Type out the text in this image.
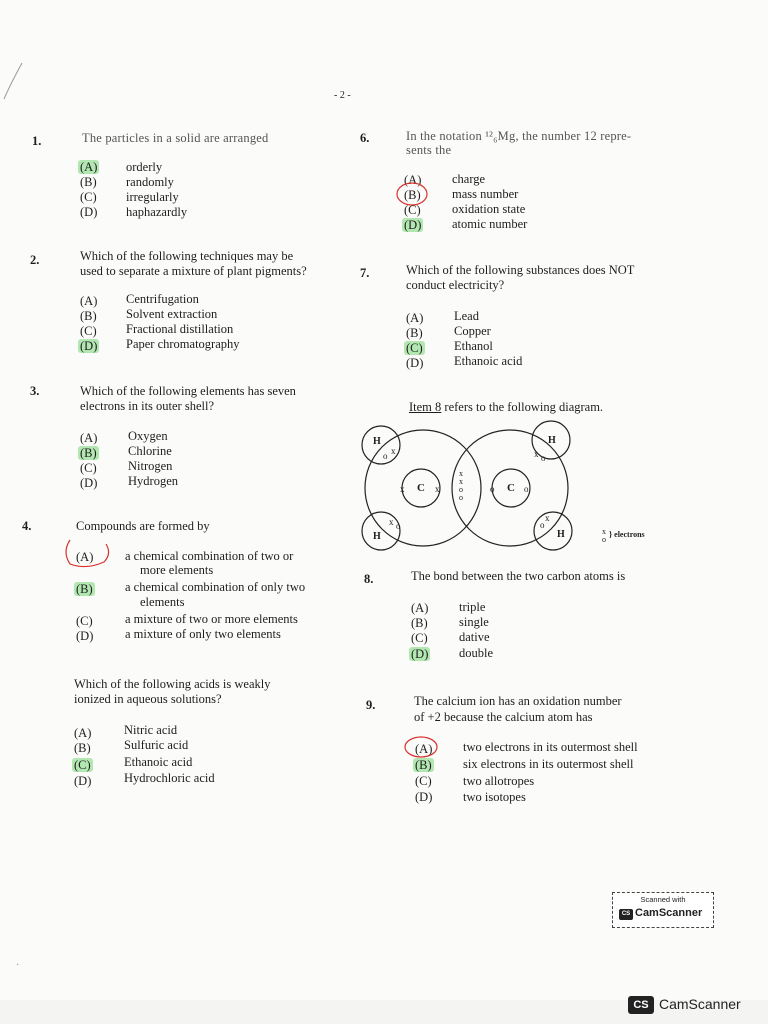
- 2 -
1.	The particles in a solid are arranged
(A) orderly
(B) randomly
(C) irregularly
(D) haphazardly
2.	Which of the following techniques may be
used to separate a mixture of plant pigments?
(A) Centrifugation
(B) Solvent extraction
(C) Fractional distillation
(D) Paper chromatography
3.	Which of the following elements has seven
electrons in its outer shell?
(A) Oxygen
(B)	Chlorine
(C)	Nitrogen
(D) Hydrogen
4.	Compounds are formed by
(A)	a chemical combination of two or
more elements
(B)	a chemical combination of only two
elements
(C)	a mixture of two or more elements
(D)	a mixture of only two elements
Which of the following acids is weakly
ionized in aqueous solutions?
(A)	Nitric acid
(B)	Sulfuric acid
(C)	Ethanoic acid
(D)	Hydrochloric acid
6.	In the notation ¹²₆Mg, the number 12 repre-
sents the
(A) charge
(B)	mass number
(C)	oxidation state
(D) atomic number
7.	Which of the following substances does NOT
conduct electricity?
(A) Lead
(B)	Copper
(C)	Ethanol
(D) Ethanoic acid
Item 8 refers to the following diagram.
C	C
H	H
H	H
o x	x o
x o	o
x
x	x	o	o
x
x
o
o
x
o
} electrons
8.	The bond between the two carbon atoms is
(A) triple
(B)	single
(C)	dative
(D) double
9.	The calcium ion has an oxidation number
of +2 because the calcium atom has
(A) two electrons in its outermost shell
(B)	six electrons in its outermost shell
(C)	two allotropes
(D) two isotopes
Scanned with
CS CamScanner
·
CS CamScanner
